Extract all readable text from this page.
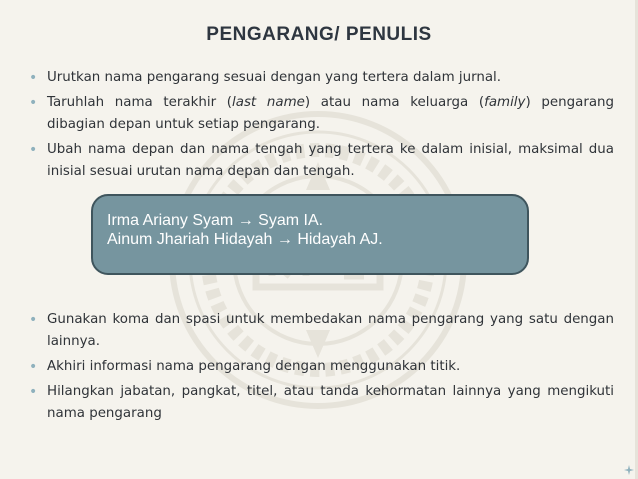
PENGARANG/ PENULIS
• Urutkan nama pengarang sesuai dengan yang tertera dalam jurnal.
• Taruhlah nama terakhir (last name) atau nama keluarga (family) pengarang dibagian depan untuk setiap pengarang.
• Ubah nama depan dan nama tengah yang tertera ke dalam inisial, maksimal dua inisial sesuai urutan nama depan dan tengah.
Irma Ariany Syam → Syam IA.
Ainum Jhariah Hidayah → Hidayah AJ.
• Gunakan koma dan spasi untuk membedakan nama pengarang yang satu dengan lainnya.
• Akhiri informasi nama pengarang dengan menggunakan titik.
• Hilangkan jabatan, pangkat, titel, atau tanda kehormatan lainnya yang mengikuti nama pengarang
